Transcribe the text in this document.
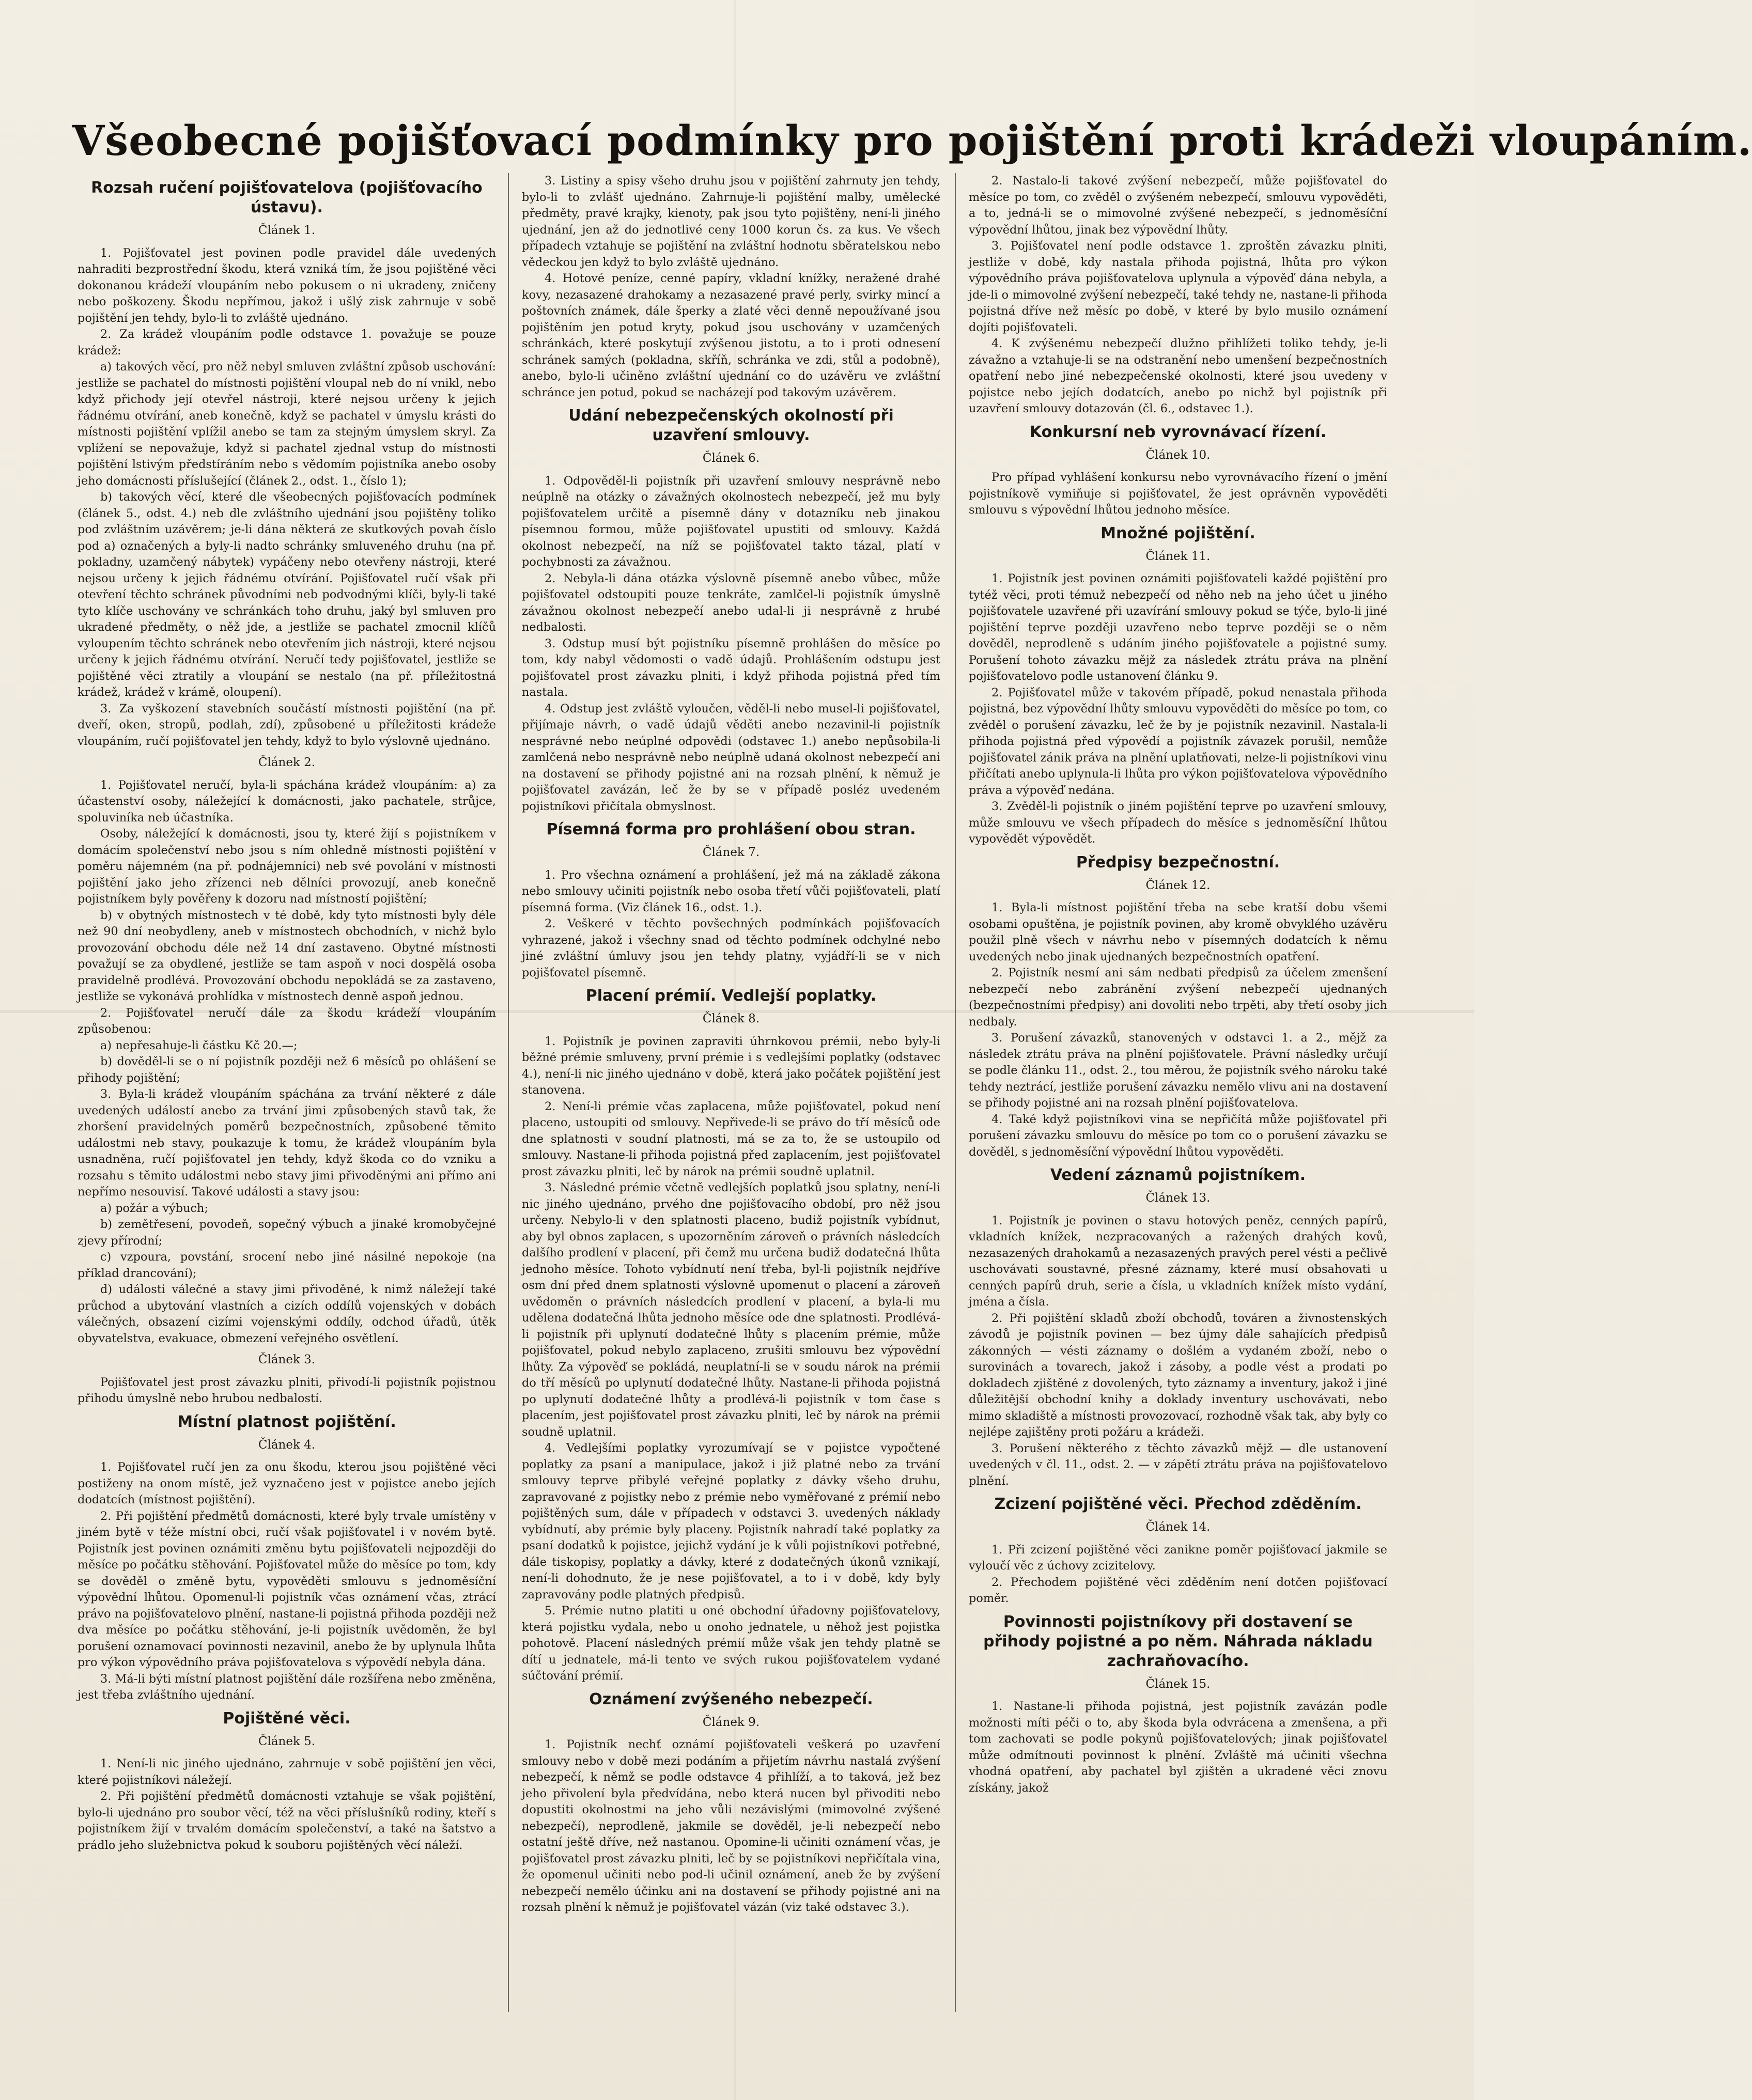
Všeobecné pojišťovací podmínky pro pojištění proti krádeži vloupáním.
Rozsah ručení pojišťovatelova (pojišťovacího ústavu).
Článek 1.
1. Pojišťovatel jest povinen podle pravidel dále uvedených nahraditi bezprostřední škodu, která vzniká tím, že jsou pojištěné věci dokonanou krádeží vloupáním nebo pokusem o ni ukradeny, zničeny nebo poškozeny. Škodu nepřímou, jakož i ušlý zisk zahrnuje v sobě pojištění jen tehdy, bylo-li to zvláště ujednáno.
2. Za krádež vloupáním podle odstavce 1. považuje se pouze krádež:
a) takových věcí, pro něž nebyl smluven zvláštní způsob uschování: jestliže se pachatel do místnosti pojištění vloupal neb do ní vnikl, nebo když přichody její otevřel nástroji, které nejsou určeny k jejich řádnému otvírání, aneb konečně, když se pachatel v úmyslu krásti do místnosti pojištění vplížil anebo se tam za stejným úmyslem skryl. Za vplížení se nepovažuje, když si pachatel zjednal vstup do místnosti pojištění lstivým předstíráním nebo s vědomím pojistníka anebo osoby jeho domácnosti příslušející (článek 2., odst. 1., číslo 1);
b) takových věcí, které dle všeobecných pojišťovacích podmínek (článek 5., odst. 4.) neb dle zvláštního ujednání jsou pojištěny toliko pod zvláštním uzávěrem; je-li dána některá ze skutkových povah číslo pod a) označených a byly-li nadto schránky smluveného druhu (na př. pokladny, uzamčený nábytek) vypáčeny nebo otevřeny nástroji, které nejsou určeny k jejich řádnému otvírání. Pojišťovatel ručí však při otevření těchto schránek původními neb podvodnými klíči, byly-li také tyto klíče uschovány ve schránkách toho druhu, jaký byl smluven pro ukradené předměty, o něž jde, a jestliže se pachatel zmocnil klíčů vyloupením těchto schránek nebo otevřením jich nástroji, které nejsou určeny k jejich řádnému otvírání. Neručí tedy pojišťovatel, jestliže se pojištěné věci ztratily a vloupání se nestalo (na př. příležitostná krádež, krádež v krámě, oloupení).
3. Za vyškození stavebních součástí místnosti pojištění (na př. dveří, oken, stropů, podlah, zdí), způsobené u příležitosti krádeže vloupáním, ručí pojišťovatel jen tehdy, když to bylo výslovně ujednáno.
Článek 2.
1. Pojišťovatel neručí, byla-li spáchána krádež vloupáním: a) za účastenství osoby, náležející k domácnosti, jako pachatele, strůjce, spoluviníka neb účastníka.
Osoby, náležející k domácnosti, jsou ty, které žijí s pojistníkem v domácím společenství nebo jsou s ním ohledně místnosti pojištění v poměru nájemném (na př. podnájemníci) neb své povolání v místnosti pojištění jako jeho zřízenci neb dělníci provozují, aneb konečně pojistníkem byly pověřeny k dozoru nad místností pojištění;
b) v obytných místnostech v té době, kdy tyto místnosti byly déle než 90 dní neobydleny, aneb v místnostech obchodních, v nichž bylo provozování obchodu déle než 14 dní zastaveno. Obytné místnosti považují se za obydlené, jestliže se tam aspoň v noci dospělá osoba pravidelně prodlévá. Provozování obchodu nepokládá se za zastaveno, jestliže se vykonává prohlídka v místnostech denně aspoň jednou.
2. Pojišťovatel neručí dále za škodu krádeží vloupáním způsobenou:
a) nepřesahuje-li částku Kč 20.—;
b) dověděl-li se o ní pojistník později než 6 měsíců po ohlášení se přihody pojištění;
3. Byla-li krádež vloupáním spáchána za trvání některé z dále uvedených událostí anebo za trvání jimi způsobených stavů tak, že zhoršení pravidelných poměrů bezpečnostních, způsobené těmito událostmi neb stavy, poukazuje k tomu, že krádež vloupáním byla usnadněna, ručí pojišťovatel jen tehdy, když škoda co do vzniku a rozsahu s těmito událostmi nebo stavy jimi přivoděnými ani přímo ani nepřímo nesouvisí. Takové události a stavy jsou:
a) požár a výbuch;
b) zemětřesení, povodeň, sopečný výbuch a jinaké kromobyčejné zjevy přírodní;
c) vzpoura, povstání, srocení nebo jiné násilné nepokoje (na příklad drancování);
d) události válečné a stavy jimi přivoděné, k nimž náležejí také průchod a ubytování vlastních a cizích oddílů vojenských v dobách válečných, obsazení cizími vojenskými oddíly, odchod úřadů, útěk obyvatelstva, evakuace, obmezení veřejného osvětlení.
Článek 3.
Pojišťovatel jest prost závazku plniti, přivodí-li pojistník pojistnou přihodu úmyslně nebo hrubou nedbalostí.
Místní platnost pojištění.
Článek 4.
1. Pojišťovatel ručí jen za onu škodu, kterou jsou pojištěné věci postiženy na onom místě, jež vyznačeno jest v pojistce anebo jejích dodatcích (místnost pojištění).
2. Při pojištění předmětů domácnosti, které byly trvale umístěny v jiném bytě v téže místní obci, ručí však pojišťovatel i v novém bytě. Pojistník jest povinen oznámiti změnu bytu pojišťovateli nejpozději do měsíce po počátku stěhování. Pojišťovatel může do měsíce po tom, kdy se dověděl o změně bytu, vypověděti smlouvu s jednoměsíční výpovědní lhůtou. Opomenul-li pojistník včas oznámení včas, ztrácí právo na pojišťovatelovo plnění, nastane-li pojistná přihoda později než dva měsíce po počátku stěhování, je-li pojistník uvědoměn, že byl porušení oznamovací povinnosti nezavinil, anebo že by uplynula lhůta pro výkon výpovědního práva pojišťovatelova s výpovědí nebyla dána.
3. Má-li býti místní platnost pojištění dále rozšířena nebo změněna, jest třeba zvláštního ujednání.
Pojištěné věci.
Článek 5.
1. Není-li nic jiného ujednáno, zahrnuje v sobě pojištění jen věci, které pojistníkovi náležejí.
2. Při pojištění předmětů domácnosti vztahuje se však pojištění, bylo-li ujednáno pro soubor věcí, též na věci příslušníků rodiny, kteří s pojistníkem žijí v trvalém domácím společenství, a také na šatstvo a prádlo jeho služebnictva pokud k souboru pojištěných věcí náleží.
3. Listiny a spisy všeho druhu jsou v pojištění zahrnuty jen tehdy, bylo-li to zvlášť ujednáno. Zahrnuje-li pojištění malby, umělecké předměty, pravé krajky, kienoty, pak jsou tyto pojištěny, není-li jiného ujednání, jen až do jednotlivé ceny 1000 korun čs. za kus. Ve všech případech vztahuje se pojištění na zvláštní hodnotu sběratelskou nebo vědeckou jen když to bylo zvláště ujednáno.
4. Hotové peníze, cenné papíry, vkladní knížky, neražené drahé kovy, nezasazené drahokamy a nezasazené pravé perly, svirky mincí a poštovních známek, dále šperky a zlaté věci denně nepoužívané jsou pojištěním jen potud kryty, pokud jsou uschovány v uzamčených schránkách, které poskytují zvýšenou jistotu, a to i proti odnesení schránek samých (pokladna, skříň, schránka ve zdi, stůl a podobně), anebo, bylo-li učiněno zvláštní ujednání co do uzávěru ve zvláštní schránce jen potud, pokud se nacházejí pod takovým uzávěrem.
Udání nebezpečenských okolností při uzavření smlouvy.
Článek 6.
1. Odpověděl-li pojistník při uzavření smlouvy nesprávně nebo neúplně na otázky o závažných okolnostech nebezpečí, jež mu byly pojišťovatelem určitě a písemně dány v dotazníku neb jinakou písemnou formou, může pojišťovatel upustiti od smlouvy. Každá okolnost nebezpečí, na níž se pojišťovatel takto tázal, platí v pochybnosti za závažnou.
2. Nebyla-li dána otázka výslovně písemně anebo vůbec, může pojišťovatel odstoupiti pouze tenkráte, zamlčel-li pojistník úmyslně závažnou okolnost nebezpečí anebo udal-li ji nesprávně z hrubé nedbalosti.
3. Odstup musí být pojistníku písemně prohlášen do měsíce po tom, kdy nabyl vědomosti o vadě údajů. Prohlášením odstupu jest pojišťovatel prost závazku plniti, i když přihoda pojistná před tím nastala.
4. Odstup jest zvláště vyloučen, věděl-li nebo musel-li pojišťovatel, přijímaje návrh, o vadě údajů věděti anebo nezavinil-li pojistník nesprávné nebo neúplné odpovědi (odstavec 1.) anebo nepůsobila-li zamlčená nebo nesprávně nebo neúplně udaná okolnost nebezpečí ani na dostavení se přihody pojistné ani na rozsah plnění, k němuž je pojišťovatel zavázán, leč že by se v případě posléz uvedeném pojistníkovi přičítala obmyslnost.
Písemná forma pro prohlášení obou stran.
Článek 7.
1. Pro všechna oznámení a prohlášení, jež má na základě zákona nebo smlouvy učiniti pojistník nebo osoba třetí vůči pojišťovateli, platí písemná forma. (Viz článek 16., odst. 1.).
2. Veškeré v těchto povšechných podmínkách pojišťovacích vyhrazené, jakož i všechny snad od těchto podmínek odchylné nebo jiné zvláštní úmluvy jsou jen tehdy platny, vyjádří-li se v nich pojišťovatel písemně.
Placení prémií. Vedlejší poplatky.
Článek 8.
1. Pojistník je povinen zapraviti úhrnkovou prémii, nebo byly-li běžné prémie smluveny, první prémie i s vedlejšími poplatky (odstavec 4.), není-li nic jiného ujednáno v době, která jako počátek pojištění jest stanovena.
2. Není-li prémie včas zaplacena, může pojišťovatel, pokud není placeno, ustoupiti od smlouvy. Nepřivede-li se právo do tří měsíců ode dne splatnosti v soudní platnosti, má se za to, že se ustoupilo od smlouvy. Nastane-li přihoda pojistná před zaplacením, jest pojišťovatel prost závazku plniti, leč by nárok na prémii soudně uplatnil.
3. Následné prémie včetně vedlejších poplatků jsou splatny, není-li nic jiného ujednáno, prvého dne pojišťovacího období, pro něž jsou určeny. Nebylo-li v den splatnosti placeno, budiž pojistník vybídnut, aby byl obnos zaplacen, s upozorněním zároveň o právních následcích dalšího prodlení v placení, při čemž mu určena budiž dodatečná lhůta jednoho měsíce. Tohoto vybídnutí není třeba, byl-li pojistník nejdříve osm dní před dnem splatnosti výslovně upomenut o placení a zároveň uvědoměn o právních následcích prodlení v placení, a byla-li mu udělena dodatečná lhůta jednoho měsíce ode dne splatnosti. Prodlévá-li pojistník při uplynutí dodatečné lhůty s placením prémie, může pojišťovatel, pokud nebylo zaplaceno, zrušiti smlouvu bez výpovědní lhůty. Za výpověď se pokládá, neuplatní-li se v soudu nárok na prémii do tří měsíců po uplynutí dodatečné lhůty. Nastane-li přihoda pojistná po uplynutí dodatečné lhůty a prodlévá-li pojistník v tom čase s placením, jest pojišťovatel prost závazku plniti, leč by nárok na prémii soudně uplatnil.
4. Vedlejšími poplatky vyrozumívají se v pojistce vypočtené poplatky za psaní a manipulace, jakož i již platné nebo za trvání smlouvy teprve přibylé veřejné poplatky z dávky všeho druhu, zapravované z pojistky nebo z prémie nebo vyměřované z prémií nebo pojištěných sum, dále v případech v odstavci 3. uvedených náklady vybídnutí, aby prémie byly placeny. Pojistník nahradí také poplatky za psaní dodatků k pojistce, jejichž vydání je k vůli pojistníkovi potřebné, dále tiskopisy, poplatky a dávky, které z dodatečných úkonů vznikají, není-li dohodnuto, že je nese pojišťovatel, a to i v době, kdy byly zapravovány podle platných předpisů.
5. Prémie nutno platiti u oné obchodní úřadovny pojišťovatelovy, která pojistku vydala, nebo u onoho jednatele, u něhož jest pojistka pohotově. Placení následných prémií může však jen tehdy platně se dítí u jednatele, má-li tento ve svých rukou pojišťovatelem vydané súčtování prémií.
Oznámení zvýšeného nebezpečí.
Článek 9.
1. Pojistník nechť oznámí pojišťovateli veškerá po uzavření smlouvy nebo v době mezi podáním a přijetím návrhu nastalá zvýšení nebezpečí, k němž se podle odstavce 4 přihlíží, a to taková, jež bez jeho přivolení byla předvídána, nebo která nucen byl přivoditi nebo dopustiti okolnostmi na jeho vůli nezávislými (mimovolné zvýšené nebezpečí), neprodleně, jakmile se dověděl, je-li nebezpečí nebo ostatní ještě dříve, než nastanou. Opomine-li učiniti oznámení včas, je pojišťovatel prost závazku plniti, leč by se pojistníkovi nepřičítala vina, že opomenul učiniti nebo pod-li učinil oznámení, aneb že by zvýšení nebezpečí nemělo účinku ani na dostavení se přihody pojistné ani na rozsah plnění k němuž je pojišťovatel vázán (viz také odstavec 3.).
2. Nastalo-li takové zvýšení nebezpečí, může pojišťovatel do měsíce po tom, co zvěděl o zvýšeném nebezpečí, smlouvu vypověděti, a to, jedná-li se o mimovolné zvýšené nebezpečí, s jednoměsíční výpovědní lhůtou, jinak bez výpovědní lhůty.
3. Pojišťovatel není podle odstavce 1. zproštěn závazku plniti, jestliže v době, kdy nastala přihoda pojistná, lhůta pro výkon výpovědního práva pojišťovatelova uplynula a výpověď dána nebyla, a jde-li o mimovolné zvýšení nebezpečí, také tehdy ne, nastane-li přihoda pojistná dříve než měsíc po době, v které by bylo musilo oznámení dojíti pojišťovateli.
4. K zvýšenému nebezpečí dlužno přihlížeti toliko tehdy, je-li závažno a vztahuje-li se na odstranění nebo umenšení bezpečnostních opatření nebo jiné nebezpečenské okolnosti, které jsou uvedeny v pojistce nebo jejích dodatcích, anebo po nichž byl pojistník při uzavření smlouvy dotazován (čl. 6., odstavec 1.).
Konkursní neb vyrovnávací řízení.
Článek 10.
Pro případ vyhlášení konkursu nebo vyrovnávacího řízení o jmění pojistníkově vymiňuje si pojišťovatel, že jest oprávněn vypověděti smlouvu s výpovědní lhůtou jednoho měsíce.
Množné pojištění.
Článek 11.
1. Pojistník jest povinen oznámiti pojišťovateli každé pojištění pro tytéž věci, proti témuž nebezpečí od něho neb na jeho účet u jiného pojišťovatele uzavřené při uzavírání smlouvy pokud se týče, bylo-li jiné pojištění teprve později uzavřeno nebo teprve později se o něm dověděl, neprodleně s udáním jiného pojišťovatele a pojistné sumy. Porušení tohoto závazku mějž za následek ztrátu práva na plnění pojišťovatelovo podle ustanovení článku 9.
2. Pojišťovatel může v takovém případě, pokud nenastala přihoda pojistná, bez výpovědní lhůty smlouvu vypověděti do měsíce po tom, co zvěděl o porušení závazku, leč že by je pojistník nezavinil. Nastala-li přihoda pojistná před výpovědí a pojistník závazek porušil, nemůže pojišťovatel zánik práva na plnění uplatňovati, nelze-li pojistníkovi vinu přičítati anebo uplynula-li lhůta pro výkon pojišťovatelova výpovědního práva a výpověď nedána.
3. Zvěděl-li pojistník o jiném pojištění teprve po uzavření smlouvy, může smlouvu ve všech případech do měsíce s jednoměsíční lhůtou vypovědět výpovědět.
Předpisy bezpečnostní.
Článek 12.
1. Byla-li místnost pojištění třeba na sebe kratší dobu všemi osobami opuštěna, je pojistník povinen, aby kromě obvyklého uzávěru použil plně všech v návrhu nebo v písemných dodatcích k němu uvedených nebo jinak ujednaných bezpečnostních opatření.
2. Pojistník nesmí ani sám nedbati předpisů za účelem zmenšení nebezpečí nebo zabránění zvýšení nebezpečí ujednaných (bezpečnostními předpisy) ani dovoliti nebo trpěti, aby třetí osoby jich nedbaly.
3. Porušení závazků, stanovených v odstavci 1. a 2., mějž za následek ztrátu práva na plnění pojišťovatele. Právní následky určují se podle článku 11., odst. 2., tou měrou, že pojistník svého nároku také tehdy neztrácí, jestliže porušení závazku nemělo vlivu ani na dostavení se přihody pojistné ani na rozsah plnění pojišťovatelova.
4. Také když pojistníkovi vina se nepřičítá může pojišťovatel při porušení závazku smlouvu do měsíce po tom co o porušení závazku se dověděl, s jednoměsíční výpovědní lhůtou vypověděti.
Vedení záznamů pojistníkem.
Článek 13.
1. Pojistník je povinen o stavu hotových peněz, cenných papírů, vkladních knížek, nezpracovaných a ražených drahých kovů, nezasazených drahokamů a nezasazených pravých perel vésti a pečlivě uschovávati soustavné, přesné záznamy, které musí obsahovati u cenných papírů druh, serie a čísla, u vkladních knížek místo vydání, jména a čísla.
2. Při pojištění skladů zboží obchodů, továren a živnostenských závodů je pojistník povinen — bez újmy dále sahajících předpisů zákonných — vésti záznamy o došlém a vydaném zboží, nebo o surovinách a tovarech, jakož i zásoby, a podle vést a prodati po dokladech zjištěné z dovolených, tyto záznamy a inventury, jakož i jiné důležitější obchodní knihy a doklady inventury uschovávati, nebo mimo skladiště a místnosti provozovací, rozhodně však tak, aby byly co nejlépe zajištěny proti požáru a krádeži.
3. Porušení některého z těchto závazků mějž — dle ustanovení uvedených v čl. 11., odst. 2. — v zápětí ztrátu práva na pojišťovatelovo plnění.
Zcizení pojištěné věci. Přechod zděděním.
Článek 14.
1. Při zcizení pojištěné věci zanikne poměr pojišťovací jakmile se vyloučí věc z úchovy zcizitelovy.
2. Přechodem pojištěné věci zděděním není dotčen pojišťovací poměr.
Povinnosti pojistníkovy při dostavení se přihody pojistné a po něm. Náhrada nákladu zachraňovacího.
Článek 15.
1. Nastane-li přihoda pojistná, jest pojistník zavázán podle možnosti míti péči o to, aby škoda byla odvrácena a zmenšena, a při tom zachovati se podle pokynů pojišťovatelových; jinak pojišťovatel může odmítnouti povinnost k plnění. Zvláště má učiniti všechna vhodná opatření, aby pachatel byl zjištěn a ukradené věci znovu získány, jakož
